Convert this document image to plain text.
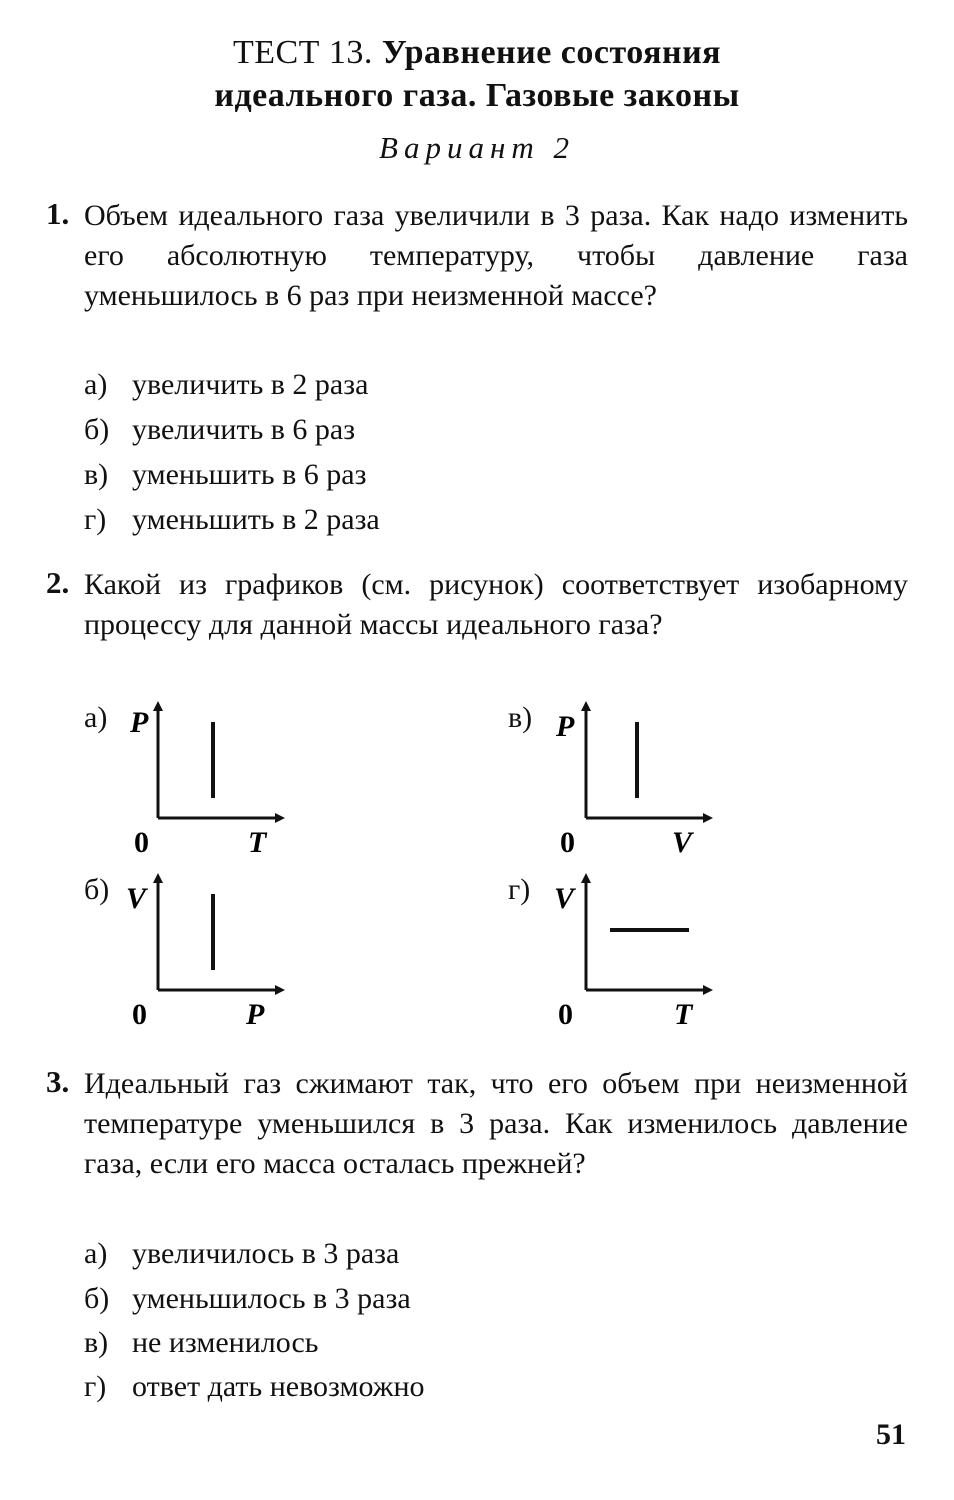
ТЕСТ 13. Уравнение состояния
идеального газа. Газовые законы
Вариант 2
1. Объем идеального газа увеличили в 3 раза. Как надо изменить его абсолютную температуру, чтобы давление газа уменьшилось в 6 раз при неизменной массе?
а) увеличить в 2 раза
б) увеличить в 6 раз
в) уменьшить в 6 раз
г) уменьшить в 2 раза
2. Какой из графиков (см. рисунок) соответствует изобарному процессу для данной массы идеального газа?
а) P
0	T
в) P
0	V
б) V
0	P
г) V
0	T
3. Идеальный газ сжимают так, что его объем при неизменной температуре уменьшился в 3 раза. Как изменилось давление газа, если его масса осталась прежней?
а) увеличилось в 3 раза
б) уменьшилось в 3 раза
в) не изменилось
г) ответ дать невозможно
51
